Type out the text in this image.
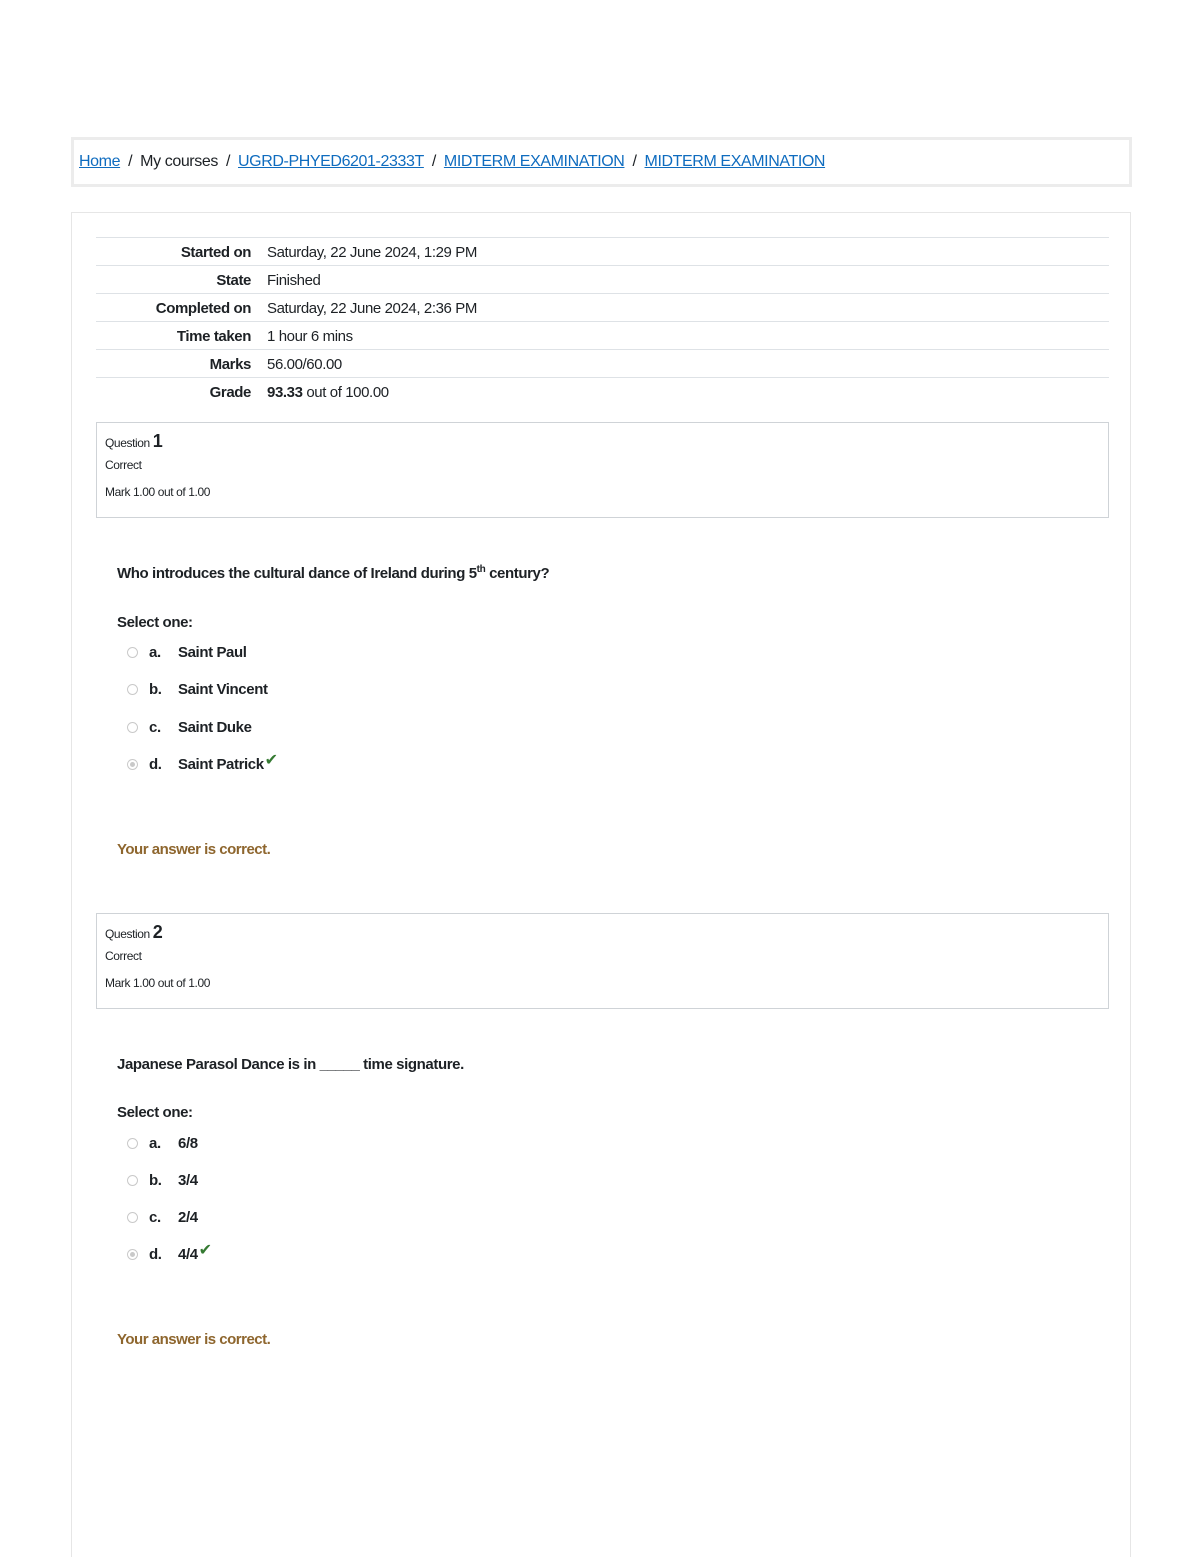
Home / My courses / UGRD-PHYED6201-2333T / MIDTERM EXAMINATION / MIDTERM EXAMINATION
Started on	Saturday, 22 June 2024, 1:29 PM
State	Finished
Completed on	Saturday, 22 June 2024, 2:36 PM
Time taken	1 hour 6 mins
Marks	56.00/60.00
Grade	93.33 out of 100.00
Question 1
Correct
Mark 1.00 out of 1.00
Who introduces the cultural dance of Ireland during 5th century?
Select one:
a.	Saint Paul
b.	Saint Vincent
c.	Saint Duke
d.	Saint Patrick ✔
Your answer is correct.
Question 2
Correct
Mark 1.00 out of 1.00
Japanese Parasol Dance is in _____ time signature.
Select one:
a.	6/8
b.	3/4
c.	2/4
d.	4/4 ✔
Your answer is correct.
